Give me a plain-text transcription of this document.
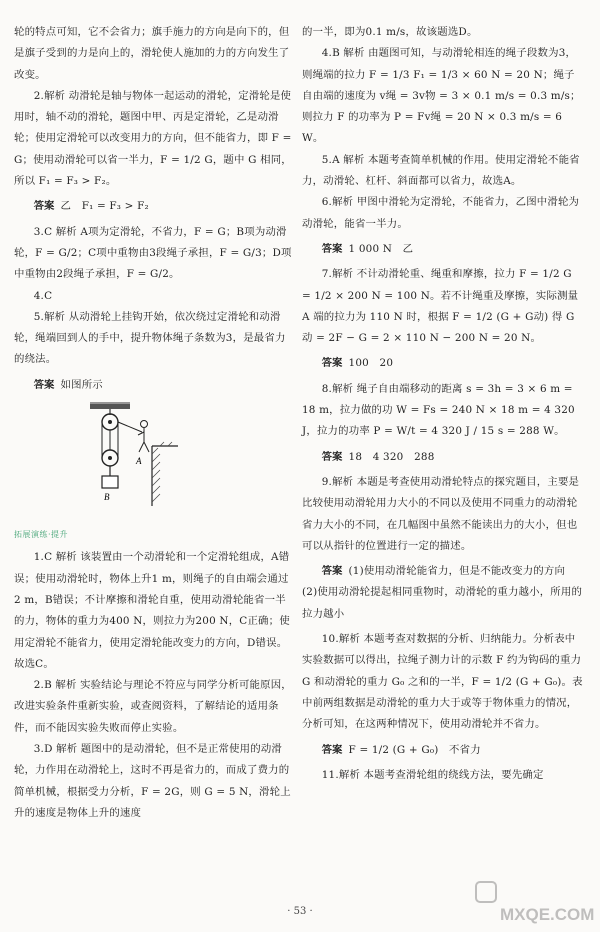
轮的特点可知，它不会省力；旗手施力的方向是向下的，但是旗子受到的力是向上的，滑轮使人施加的力的方向发生了改变。

2.解析 动滑轮是轴与物体一起运动的滑轮，定滑轮是使用时，轴不动的滑轮，题图中甲、丙是定滑轮，乙是动滑轮；使用定滑轮可以改变用力的方向，但不能省力，即 F = G；使用动滑轮可以省一半力，F = 1/2 G，题中 G 相同，所以 F₁ = F₃ > F₂。

答案 乙　F₁ = F₃ > F₂

3.C 解析 A项为定滑轮，不省力，F = G；B项为动滑轮，F = G/2；C项中重物由3段绳子承担，F = G/3；D项中重物由2段绳子承担，F = G/2。

4.C

5.解析 从动滑轮上挂钩开始，依次绕过定滑轮和动滑轮，绳端回到人的手中，提升物体绳子条数为3，是最省力的绕法。

答案 如图所示

B
A
拓展演练·提升

1.C 解析 该装置由一个动滑轮和一个定滑轮组成，A错误；使用动滑轮时，物体上升1 m，则绳子的自由端会通过2 m，B错误；不计摩擦和滑轮自重，使用动滑轮能省一半的力，物体的重力为400 N，则拉力为200 N，C正确；使用定滑轮不能省力，使用定滑轮能改变力的方向，D错误。故选C。

2.B 解析 实验结论与理论不符应与同学分析可能原因，改进实验条件重新实验，或查阅资料，了解结论的适用条件，而不能因实验失败而停止实验。

3.D 解析 题图中的是动滑轮，但不是正常使用的动滑轮，力作用在动滑轮上，这时不再是省力的，而成了费力的简单机械，根据受力分析，F = 2G，则 G = 5 N，滑轮上升的速度是物体上升的速度

的一半，即为0.1 m/s，故该题选D。

4.B 解析 由题图可知，与动滑轮相连的绳子段数为3，则绳端的拉力 F = 1/3 F₁ = 1/3 × 60 N = 20 N；绳子自由端的速度为 v绳 = 3v物 = 3 × 0.1 m/s = 0.3 m/s；则拉力 F 的功率为 P = Fv绳 = 20 N × 0.3 m/s = 6 W。

5.A 解析 本题考查简单机械的作用。使用定滑轮不能省力，动滑轮、杠杆、斜面都可以省力，故选A。

6.解析 甲图中滑轮为定滑轮，不能省力，乙图中滑轮为动滑轮，能省一半力。

答案 1 000 N　乙

7.解析 不计动滑轮重、绳重和摩擦，拉力 F = 1/2 G = 1/2 × 200 N = 100 N。若不计绳重及摩擦，实际测量 A 端的拉力为 110 N 时，根据 F = 1/2 (G + G动) 得 G动 = 2F − G = 2 × 110 N − 200 N = 20 N。

答案 100　20

8.解析 绳子自由端移动的距离 s = 3h = 3 × 6 m = 18 m，拉力做的功 W = Fs = 240 N × 18 m = 4 320 J，拉力的功率 P = W/t = 4 320 J / 15 s = 288 W。

答案 18　4 320　288

9.解析 本题是考查使用动滑轮特点的探究题目，主要是比较使用动滑轮用力大小的不同以及使用不同重力的动滑轮省力大小的不同，在几幅图中虽然不能读出力的大小，但也可以从指针的位置进行一定的描述。

答案 (1)使用动滑轮能省力，但是不能改变力的方向　(2)使用动滑轮提起相同重物时，动滑轮的重力越小，所用的拉力越小

10.解析 本题考查对数据的分析、归纳能力。分析表中实验数据可以得出，拉绳子测力计的示数 F 约为钩码的重力 G 和动滑轮的重力 G₀ 之和的一半，F = 1/2 (G + G₀)。表中前两组数据是动滑轮的重力大于或等于物体重力的情况，分析可知，在这两种情况下，使用动滑轮并不省力。

答案 F = 1/2 (G + G₀)　不省力

11.解析 本题考查滑轮组的绕线方法，要先确定

· 53 ·	MXQE.COM
